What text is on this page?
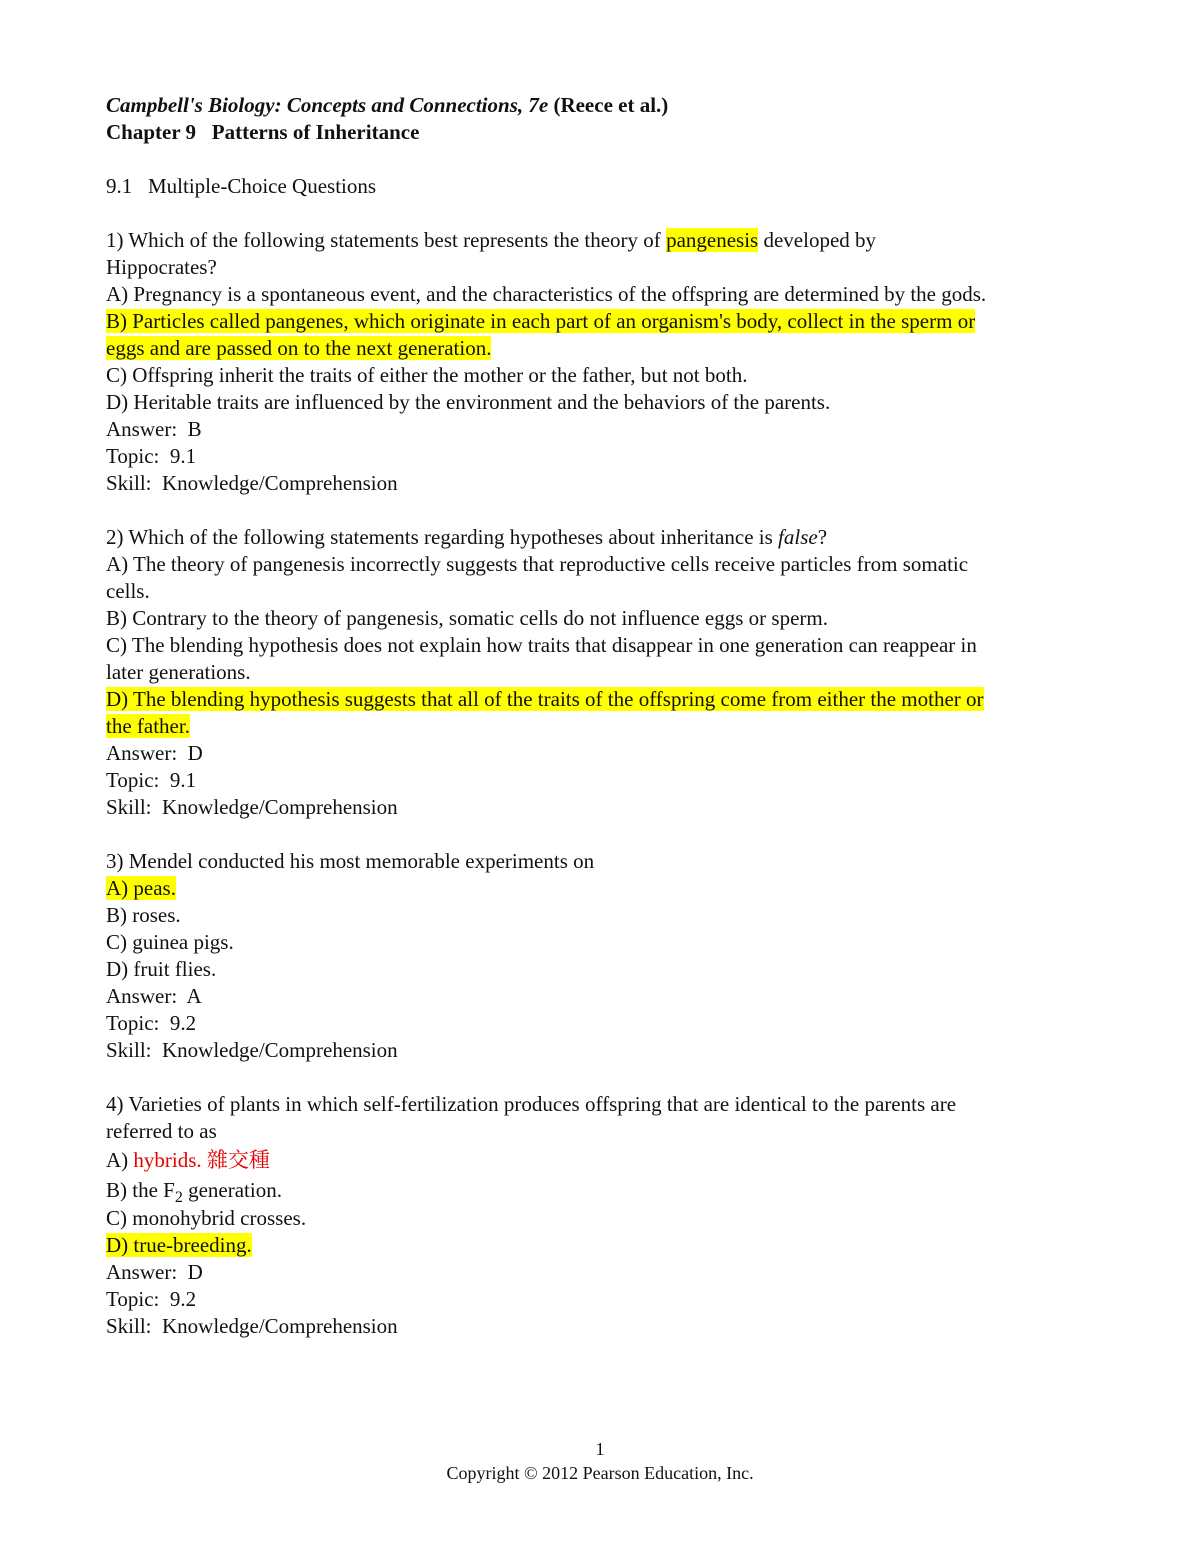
Campbell's Biology: Concepts and Connections, 7e (Reece et al.)
Chapter 9   Patterns of Inheritance
9.1   Multiple-Choice Questions
1) Which of the following statements best represents the theory of pangenesis developed by
Hippocrates?
A) Pregnancy is a spontaneous event, and the characteristics of the offspring are determined by the gods.
B) Particles called pangenes, which originate in each part of an organism's body, collect in the sperm or
eggs and are passed on to the next generation.
C) Offspring inherit the traits of either the mother or the father, but not both.
D) Heritable traits are influenced by the environment and the behaviors of the parents.
Answer:  B
Topic:  9.1
Skill:  Knowledge/Comprehension
2) Which of the following statements regarding hypotheses about inheritance is false?
A) The theory of pangenesis incorrectly suggests that reproductive cells receive particles from somatic
cells.
B) Contrary to the theory of pangenesis, somatic cells do not influence eggs or sperm.
C) The blending hypothesis does not explain how traits that disappear in one generation can reappear in
later generations.
D) The blending hypothesis suggests that all of the traits of the offspring come from either the mother or
the father.
Answer:  D
Topic:  9.1
Skill:  Knowledge/Comprehension
3) Mendel conducted his most memorable experiments on
A) peas.
B) roses.
C) guinea pigs.
D) fruit flies.
Answer:  A
Topic:  9.2
Skill:  Knowledge/Comprehension
4) Varieties of plants in which self-fertilization produces offspring that are identical to the parents are
referred to as
A) hybrids. 雜交種
B) the $F_2$ generation.
C) monohybrid crosses.
D) true-breeding.
Answer:  D
Topic:  9.2
Skill:  Knowledge/Comprehension
1
Copyright © 2012 Pearson Education, Inc.
